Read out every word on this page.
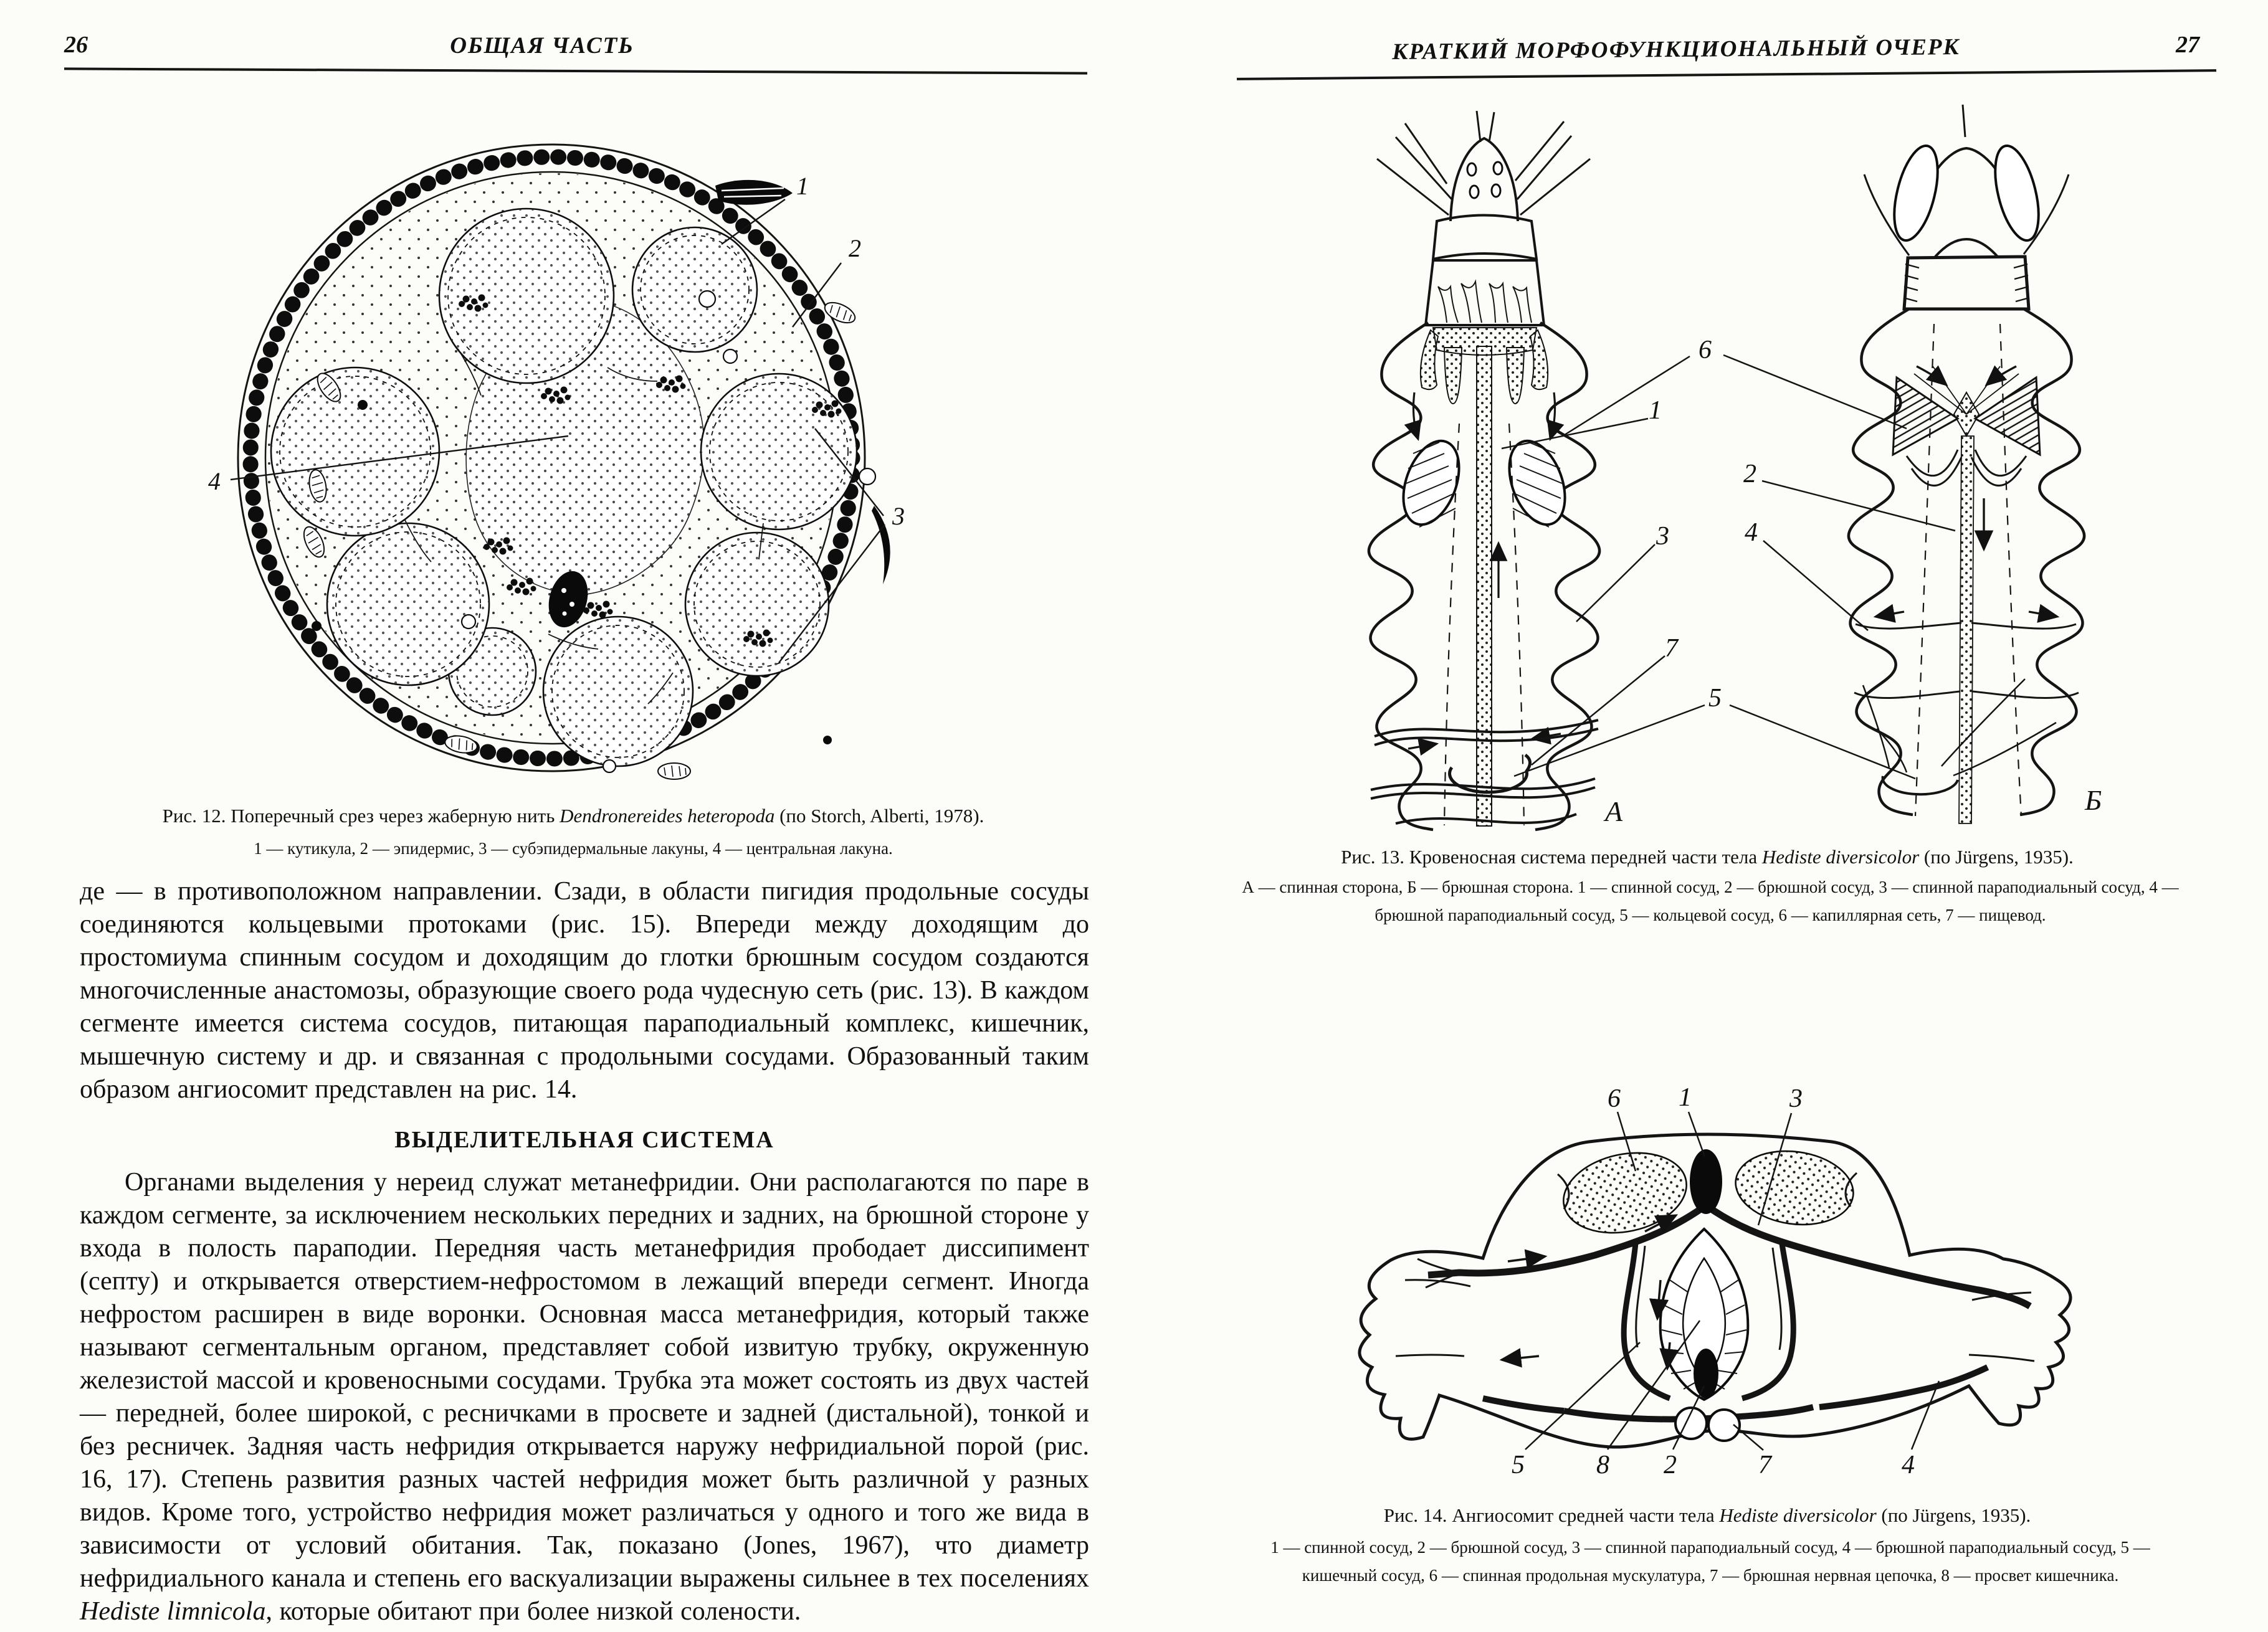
26	ОБЩАЯ ЧАСТЬ
1
2
3
4
Рис. 12. Поперечный срез через жаберную нить Dendronereides heteropoda (по Storch, Alberti, 1978).
1 — кутикула, 2 — эпидермис, 3 — субэпидермальные лакуны, 4 — центральная лакуна.

де — в противоположном направлении. Сзади, в области пигидия продольные сосуды соединяются кольцевыми протоками (рис. 15). Впереди между доходящим до простомиума спинным сосудом и доходящим до глотки брюшным сосудом создаются многочисленные анастомозы, образующие своего рода чудесную сеть (рис. 13). В каждом сегменте имеется система сосудов, питающая параподиальный комплекс, кишечник, мышечную систему и др. и связанная с продольными сосудами. Образованный таким образом ангиосомит представлен на рис. 14.

ВЫДЕЛИТЕЛЬНАЯ СИСТЕМА

Органами выделения у нереид служат метанефридии. Они располагаются по паре в каждом сегменте, за исключением нескольких передних и задних, на брюшной стороне у входа в полость параподии. Передняя часть метанефридия прободает диссипимент (септу) и открывается отверстием-нефростомом в лежащий впереди сегмент. Иногда нефростом расширен в виде воронки. Основная масса метанефридия, который также называют сегментальным органом, представляет собой извитую трубку, окруженную железистой массой и кровеносными сосудами. Трубка эта может состоять из двух частей — передней, более широкой, с ресничками в просвете и задней (дистальной), тонкой и без ресничек. Задняя часть нефридия открывается наружу нефридиальной порой (рис. 16, 17). Степень развития разных частей нефридия может быть различной у разных видов. Кроме того, устройство нефридия может различаться у одного и того же вида в зависимости от условий обитания. Так, показано (Jones, 1967), что диаметр нефридиального канала и степень его васкуализации выражены сильнее в тех поселениях Hediste limnicola, которые обитают при более низкой солености.

КРАТКИЙ МОРФОФУНКЦИОНАЛЬНЫЙ ОЧЕРК	27
6
1
2
3	4
7
5
А	Б
Рис. 13. Кровеносная система передней части тела Hediste diversicolor (по Jürgens, 1935).
А — спинная сторона, Б — брюшная сторона. 1 — спинной сосуд, 2 — брюшной сосуд, 3 — спинной параподиальный сосуд, 4 — брюшной параподиальный сосуд, 5 — кольцевой сосуд, 6 — капиллярная сеть, 7 — пищевод.
6 1	3
5	8 2	7	4
Рис. 14. Ангиосомит средней части тела Hediste diversicolor (по Jürgens, 1935).
1 — спинной сосуд, 2 — брюшной сосуд, 3 — спинной параподиальный сосуд, 4 — брюшной параподиальный сосуд, 5 — кишечный сосуд, 6 — спинная продольная мускулатура, 7 — брюшная нервная цепочка, 8 — просвет кишечника.
